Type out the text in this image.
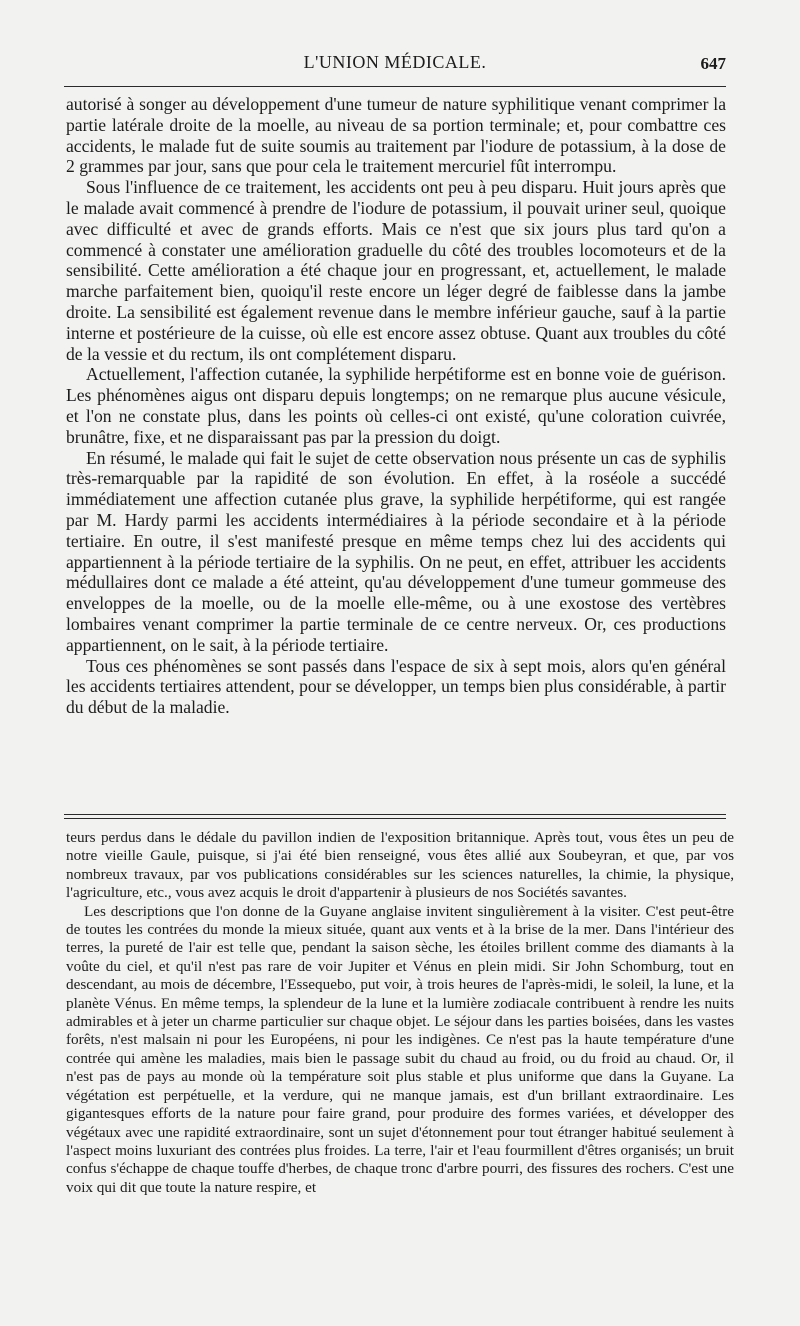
L'UNION MÉDICALE.	647

autorisé à songer au développement d'une tumeur de nature syphilitique venant comprimer la partie latérale droite de la moelle, au niveau de sa portion terminale; et, pour combattre ces accidents, le malade fut de suite soumis au traitement par l'iodure de potassium, à la dose de 2 grammes par jour, sans que pour cela le traitement mercuriel fût interrompu.

Sous l'influence de ce traitement, les accidents ont peu à peu disparu. Huit jours après que le malade avait commencé à prendre de l'iodure de potassium, il pouvait uriner seul, quoique avec difficulté et avec de grands efforts. Mais ce n'est que six jours plus tard qu'on a commencé à constater une amélioration graduelle du côté des troubles locomoteurs et de la sensibilité. Cette amélioration a été chaque jour en progressant, et, actuellement, le malade marche parfaitement bien, quoiqu'il reste encore un léger degré de faiblesse dans la jambe droite. La sensibilité est également revenue dans le membre inférieur gauche, sauf à la partie interne et postérieure de la cuisse, où elle est encore assez obtuse. Quant aux troubles du côté de la vessie et du rectum, ils ont complétement disparu.

Actuellement, l'affection cutanée, la syphilide herpétiforme est en bonne voie de guérison. Les phénomènes aigus ont disparu depuis longtemps; on ne remarque plus aucune vésicule, et l'on ne constate plus, dans les points où celles-ci ont existé, qu'une coloration cuivrée, brunâtre, fixe, et ne disparaissant pas par la pression du doigt.

En résumé, le malade qui fait le sujet de cette observation nous présente un cas de syphilis très-remarquable par la rapidité de son évolution. En effet, à la roséole a succédé immédiatement une affection cutanée plus grave, la syphilide herpétiforme, qui est rangée par M. Hardy parmi les accidents intermédiaires à la période secondaire et à la période tertiaire. En outre, il s'est manifesté presque en même temps chez lui des accidents qui appartiennent à la période tertiaire de la syphilis. On ne peut, en effet, attribuer les accidents médullaires dont ce malade a été atteint, qu'au développement d'une tumeur gommeuse des enveloppes de la moelle, ou de la moelle elle-même, ou à une exostose des vertèbres lombaires venant comprimer la partie terminale de ce centre nerveux. Or, ces productions appartiennent, on le sait, à la période tertiaire.

Tous ces phénomènes se sont passés dans l'espace de six à sept mois, alors qu'en général les accidents tertiaires attendent, pour se développer, un temps bien plus considérable, à partir du début de la maladie.

teurs perdus dans le dédale du pavillon indien de l'exposition britannique. Après tout, vous êtes un peu de notre vieille Gaule, puisque, si j'ai été bien renseigné, vous êtes allié aux Soubeyran, et que, par vos nombreux travaux, par vos publications considérables sur les sciences naturelles, la chimie, la physique, l'agriculture, etc., vous avez acquis le droit d'appartenir à plusieurs de nos Sociétés savantes.

Les descriptions que l'on donne de la Guyane anglaise invitent singulièrement à la visiter. C'est peut-être de toutes les contrées du monde la mieux située, quant aux vents et à la brise de la mer. Dans l'intérieur des terres, la pureté de l'air est telle que, pendant la saison sèche, les étoiles brillent comme des diamants à la voûte du ciel, et qu'il n'est pas rare de voir Jupiter et Vénus en plein midi. Sir John Schomburg, tout en descendant, au mois de décembre, l'Essequebo, put voir, à trois heures de l'après-midi, le soleil, la lune, et la planète Vénus. En même temps, la splendeur de la lune et la lumière zodiacale contribuent à rendre les nuits admirables et à jeter un charme particulier sur chaque objet. Le séjour dans les parties boisées, dans les vastes forêts, n'est malsain ni pour les Européens, ni pour les indigènes. Ce n'est pas la haute température d'une contrée qui amène les maladies, mais bien le passage subit du chaud au froid, ou du froid au chaud. Or, il n'est pas de pays au monde où la température soit plus stable et plus uniforme que dans la Guyane. La végétation est perpétuelle, et la verdure, qui ne manque jamais, est d'un brillant extraordinaire. Les gigantesques efforts de la nature pour faire grand, pour produire des formes variées, et développer des végétaux avec une rapidité extraordinaire, sont un sujet d'étonnement pour tout étranger habitué seulement à l'aspect moins luxuriant des contrées plus froides. La terre, l'air et l'eau fourmillent d'êtres organisés; un bruit confus s'échappe de chaque touffe d'herbes, de chaque tronc d'arbre pourri, des fissures des rochers. C'est une voix qui dit que toute la nature respire, et
